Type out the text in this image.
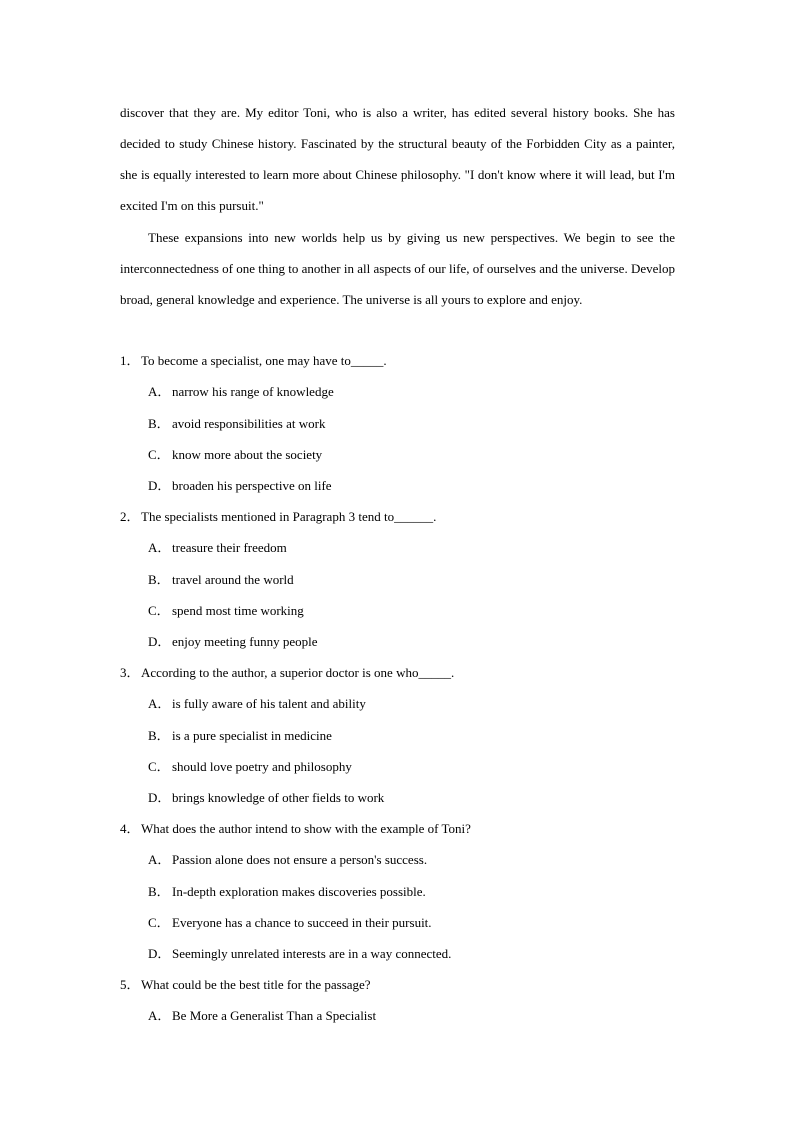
discover that they are. My editor Toni, who is also a writer, has edited several history books. She has decided to study Chinese history. Fascinated by the structural beauty of the Forbidden City as a painter, she is equally interested to learn more about Chinese philosophy. "I don't know where it will lead, but I'm excited I'm on this pursuit."

These expansions into new worlds help us by giving us new perspectives. We begin to see the interconnectedness of one thing to another in all aspects of our life, of ourselves and the universe. Develop broad, general knowledge and experience. The universe is all yours to explore and enjoy.

1．To become a specialist, one may have to_____.
A． narrow his range of knowledge
B． avoid responsibilities at work
C． know more about the society
D． broaden his perspective on life
2．The specialists mentioned in Paragraph 3 tend to______.
A． treasure their freedom
B． travel around the world
C． spend most time working
D． enjoy meeting funny people
3．According to the author, a superior doctor is one who_____.
A． is fully aware of his talent and ability
B． is a pure specialist in medicine
C． should love poetry and philosophy
D． brings knowledge of other fields to work
4．What does the author intend to show with the example of Toni?
A． Passion alone does not ensure a person's success.
B． In-depth exploration makes discoveries possible.
C． Everyone has a chance to succeed in their pursuit.
D． Seemingly unrelated interests are in a way connected.
5．What could be the best title for the passage?
A． Be More a Generalist Than a Specialist
